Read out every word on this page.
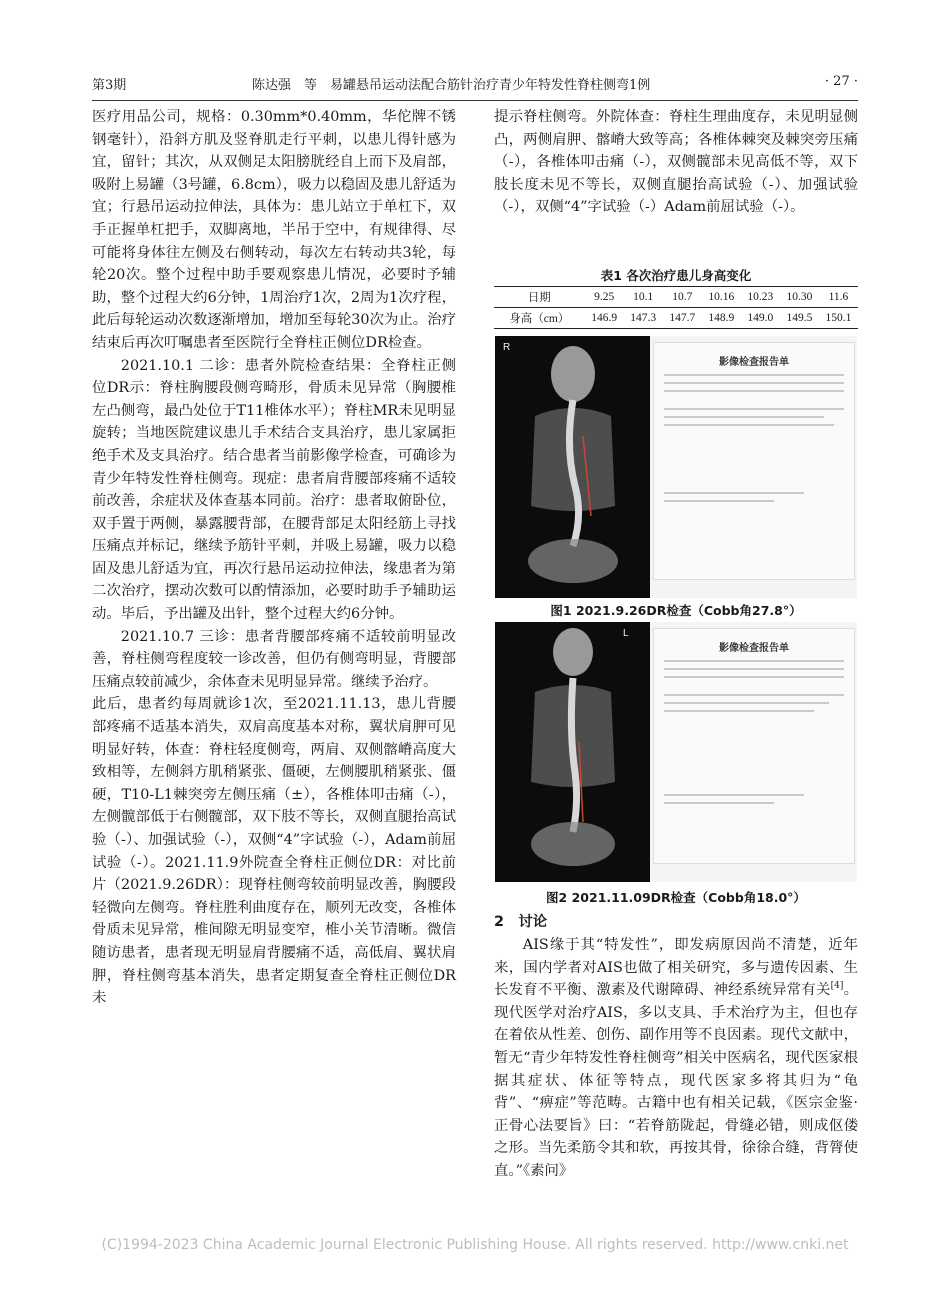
第3期	陈达强　等　易罐悬吊运动法配合筋针治疗青少年特发性脊柱侧弯1例	· 27 ·

医疗用品公司，规格：0.30mm*0.40mm，华佗牌不锈钢毫针），沿斜方肌及竖脊肌走行平刺，以患儿得针感为宜，留针；其次，从双侧足太阳膀胱经自上而下及肩部，吸附上易罐（3号罐，6.8cm），吸力以稳固及患儿舒适为宜；行悬吊运动拉伸法，具体为：患儿站立于单杠下，双手正握单杠把手，双脚离地，半吊于空中，有规律得、尽可能将身体往左侧及右侧转动，每次左右转动共3轮，每轮20次。整个过程中助手要观察患儿情况，必要时予辅助，整个过程大约6分钟，1周治疗1次，2周为1次疗程，此后每轮运动次数逐渐增加，增加至每轮30次为止。治疗结束后再次叮嘱患者至医院行全脊柱正侧位DR检查。

2021.10.1 二诊：患者外院检查结果：全脊柱正侧位DR示：脊柱胸腰段侧弯畸形，骨质未见异常（胸腰椎左凸侧弯，最凸处位于T11椎体水平）；脊柱MR未见明显旋转；当地医院建议患儿手术结合支具治疗，患儿家属拒绝手术及支具治疗。结合患者当前影像学检查，可确诊为青少年特发性脊柱侧弯。现症：患者肩背腰部疼痛不适较前改善，余症状及体查基本同前。治疗：患者取俯卧位，双手置于两侧，暴露腰背部，在腰背部足太阳经筋上寻找压痛点并标记，继续予筋针平刺，并吸上易罐，吸力以稳固及患儿舒适为宜，再次行悬吊运动拉伸法，缘患者为第二次治疗，摆动次数可以酌情添加，必要时助手予辅助运动。毕后，予出罐及出针，整个过程大约6分钟。

2021.10.7 三诊：患者背腰部疼痛不适较前明显改善，脊柱侧弯程度较一诊改善，但仍有侧弯明显，背腰部压痛点较前减少，余体查未见明显异常。继续予治疗。

此后，患者约每周就诊1次，至2021.11.13，患儿背腰部疼痛不适基本消失，双肩高度基本对称，翼状肩胛可见明显好转，体查：脊柱轻度侧弯，两肩、双侧髂嵴高度大致相等，左侧斜方肌稍紧张、僵硬，左侧腰肌稍紧张、僵硬，T10-L1棘突旁左侧压痛（±），各椎体叩击痛（-），左侧髋部低于右侧髋部，双下肢不等长，双侧直腿抬高试验（-）、加强试验（-），双侧“4”字试验（-），Adam前屈试验（-）。2021.11.9外院查全脊柱正侧位DR：对比前片（2021.9.26DR）：现脊柱侧弯较前明显改善，胸腰段轻微向左侧弯。脊柱胜利曲度存在，顺列无改变，各椎体骨质未见异常，椎间隙无明显变窄，椎小关节清晰。微信随访患者，患者现无明显肩背腰痛不适，高低肩、翼状肩胛，脊柱侧弯基本消失，患者定期复查全脊柱正侧位DR未

提示脊柱侧弯。外院体查：脊柱生理曲度存，未见明显侧凸，两侧肩胛、髂嵴大致等高；各椎体棘突及棘突旁压痛（-），各椎体叩击痛（-），双侧髋部未见高低不等，双下肢长度未见不等长，双侧直腿抬高试验（-）、加强试验（-），双侧“4”字试验（-）Adam前屈试验（-）。

表1 各次治疗患儿身高变化
日期	9.25	10.1	10.7	10.16	10.23	10.30	11.6
身高（cm）	146.9	147.3	147.7	148.9	149.0	149.5	150.1
R
影像检查报告单
图1 2021.9.26DR检查（Cobb角27.8°）
L
影像检查报告单
图2 2021.11.09DR检查（Cobb角18.0°）
2　讨论

AIS缘于其“特发性”，即发病原因尚不清楚，近年来，国内学者对AIS也做了相关研究，多与遗传因素、生长发育不平衡、激素及代谢障碍、神经系统异常有关[4]。现代医学对治疗AIS，多以支具、手术治疗为主，但也存在着依从性差、创伤、副作用等不良因素。现代文献中，暂无“青少年特发性脊柱侧弯”相关中医病名，现代医家根据其症状、体征等特点，现代医家多将其归为“龟背”、“痹症”等范畴。古籍中也有相关记载，《医宗金鉴·正骨心法要旨》曰：“若脊筋陇起，骨缝必错，则成伛偻之形。当先柔筋令其和软，再按其骨，徐徐合缝，背膂使直。”《素问》

(C)1994-2023 China Academic Journal Electronic Publishing House. All rights reserved. http://www.cnki.net
